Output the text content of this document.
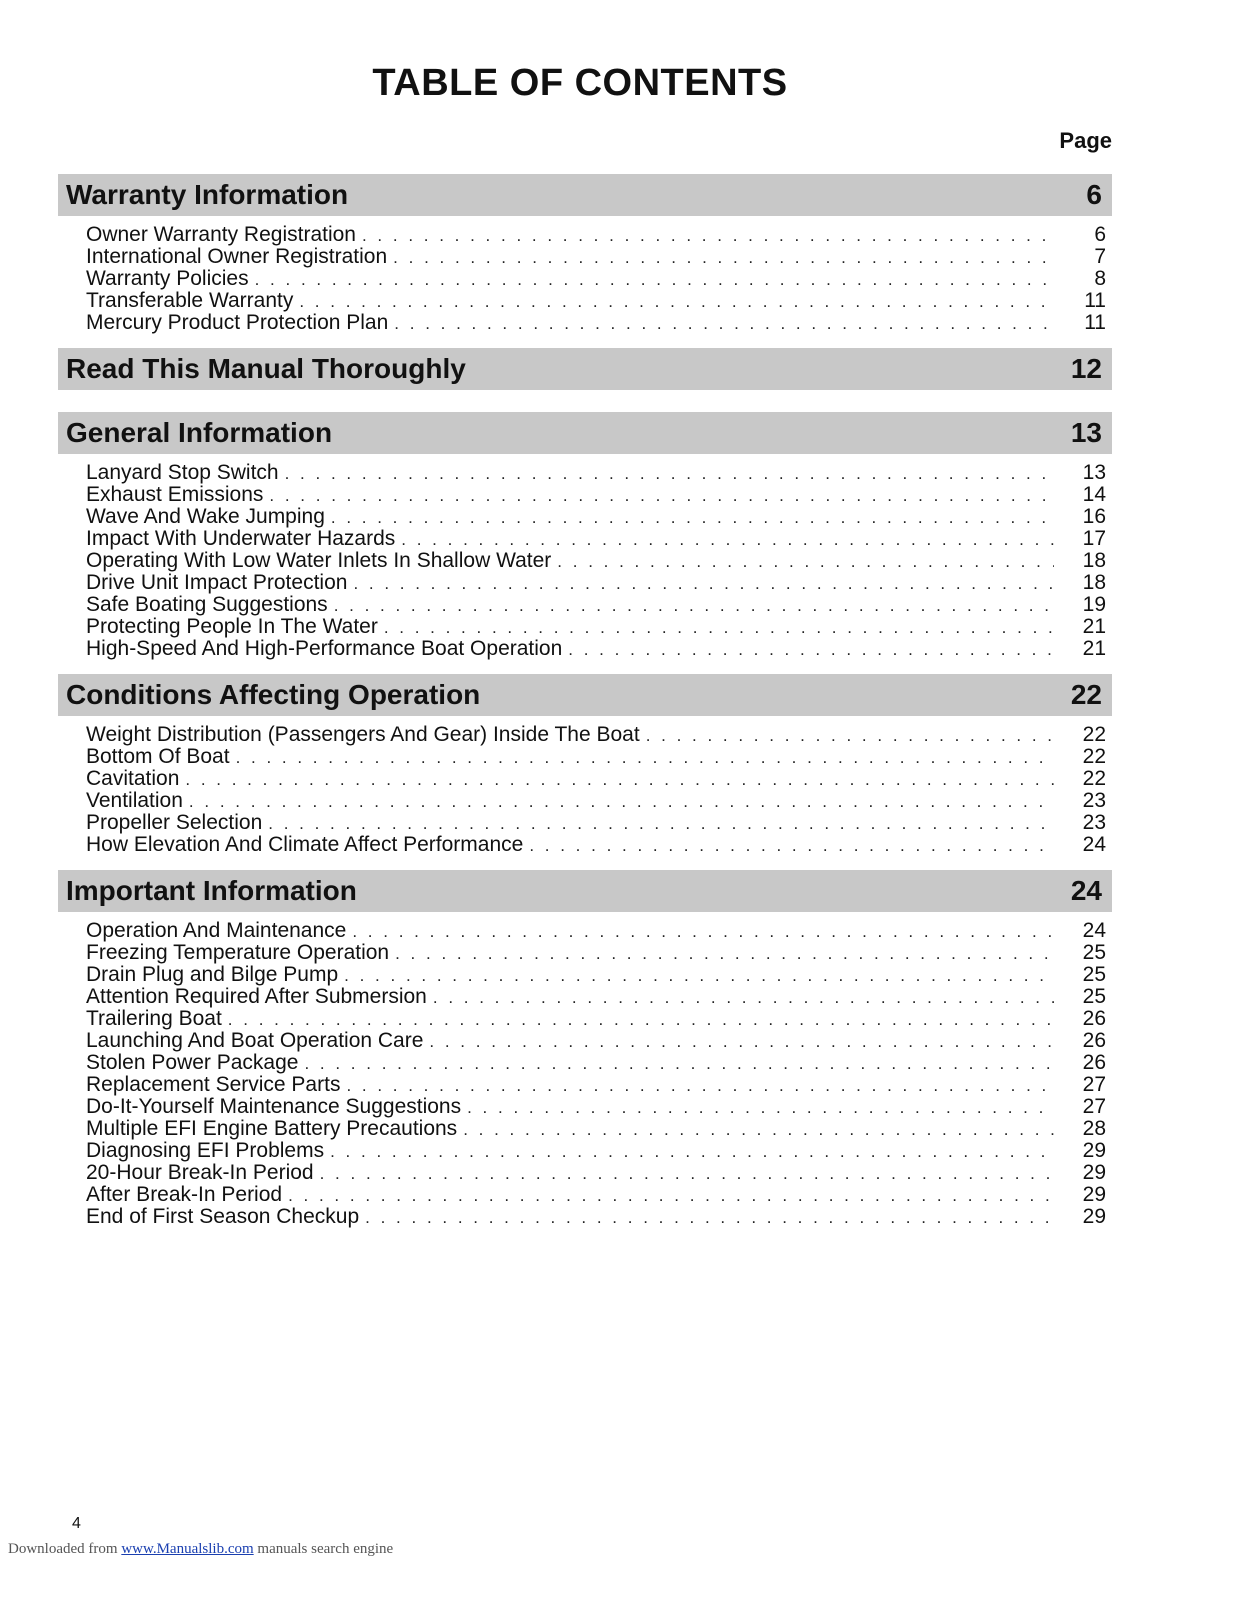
TABLE OF CONTENTS
Page
Warranty Information	6
Owner Warranty Registration . . .	6
International Owner Registration . . .	7
Warranty Policies . . .	8
Transferable Warranty . . .	11
Mercury Product Protection Plan . . .	11
Read This Manual Thoroughly	12
General Information	13
Lanyard Stop Switch . . .	13
Exhaust Emissions . . .	14
Wave And Wake Jumping . . .	16
Impact With Underwater Hazards . . .	17
Operating With Low Water Inlets In Shallow Water . . .	18
Drive Unit Impact Protection . . .	18
Safe Boating Suggestions . . .	19
Protecting People In The Water . . .	21
High-Speed And High-Performance Boat Operation . . .	21
Conditions Affecting Operation	22
Weight Distribution (Passengers And Gear) Inside The Boat . . .	22
Bottom Of Boat . . .	22
Cavitation . . .	22
Ventilation . . .	23
Propeller Selection . . .	23
How Elevation And Climate Affect Performance . . .	24
Important Information	24
Operation And Maintenance . . .	24
Freezing Temperature Operation . . .	25
Drain Plug and Bilge Pump . . .	25
Attention Required After Submersion . . .	25
Trailering Boat . . .	26
Launching And Boat Operation Care . . .	26
Stolen Power Package . . .	26
Replacement Service Parts . . .	27
Do-It-Yourself Maintenance Suggestions . . .	27
Multiple EFI Engine Battery Precautions . . .	28
Diagnosing EFI Problems . . .	29
20-Hour Break-In Period . . .	29
After Break-In Period . . .	29
End of First Season Checkup . . .	29
4
Downloaded from www.Manualslib.com manuals search engine
